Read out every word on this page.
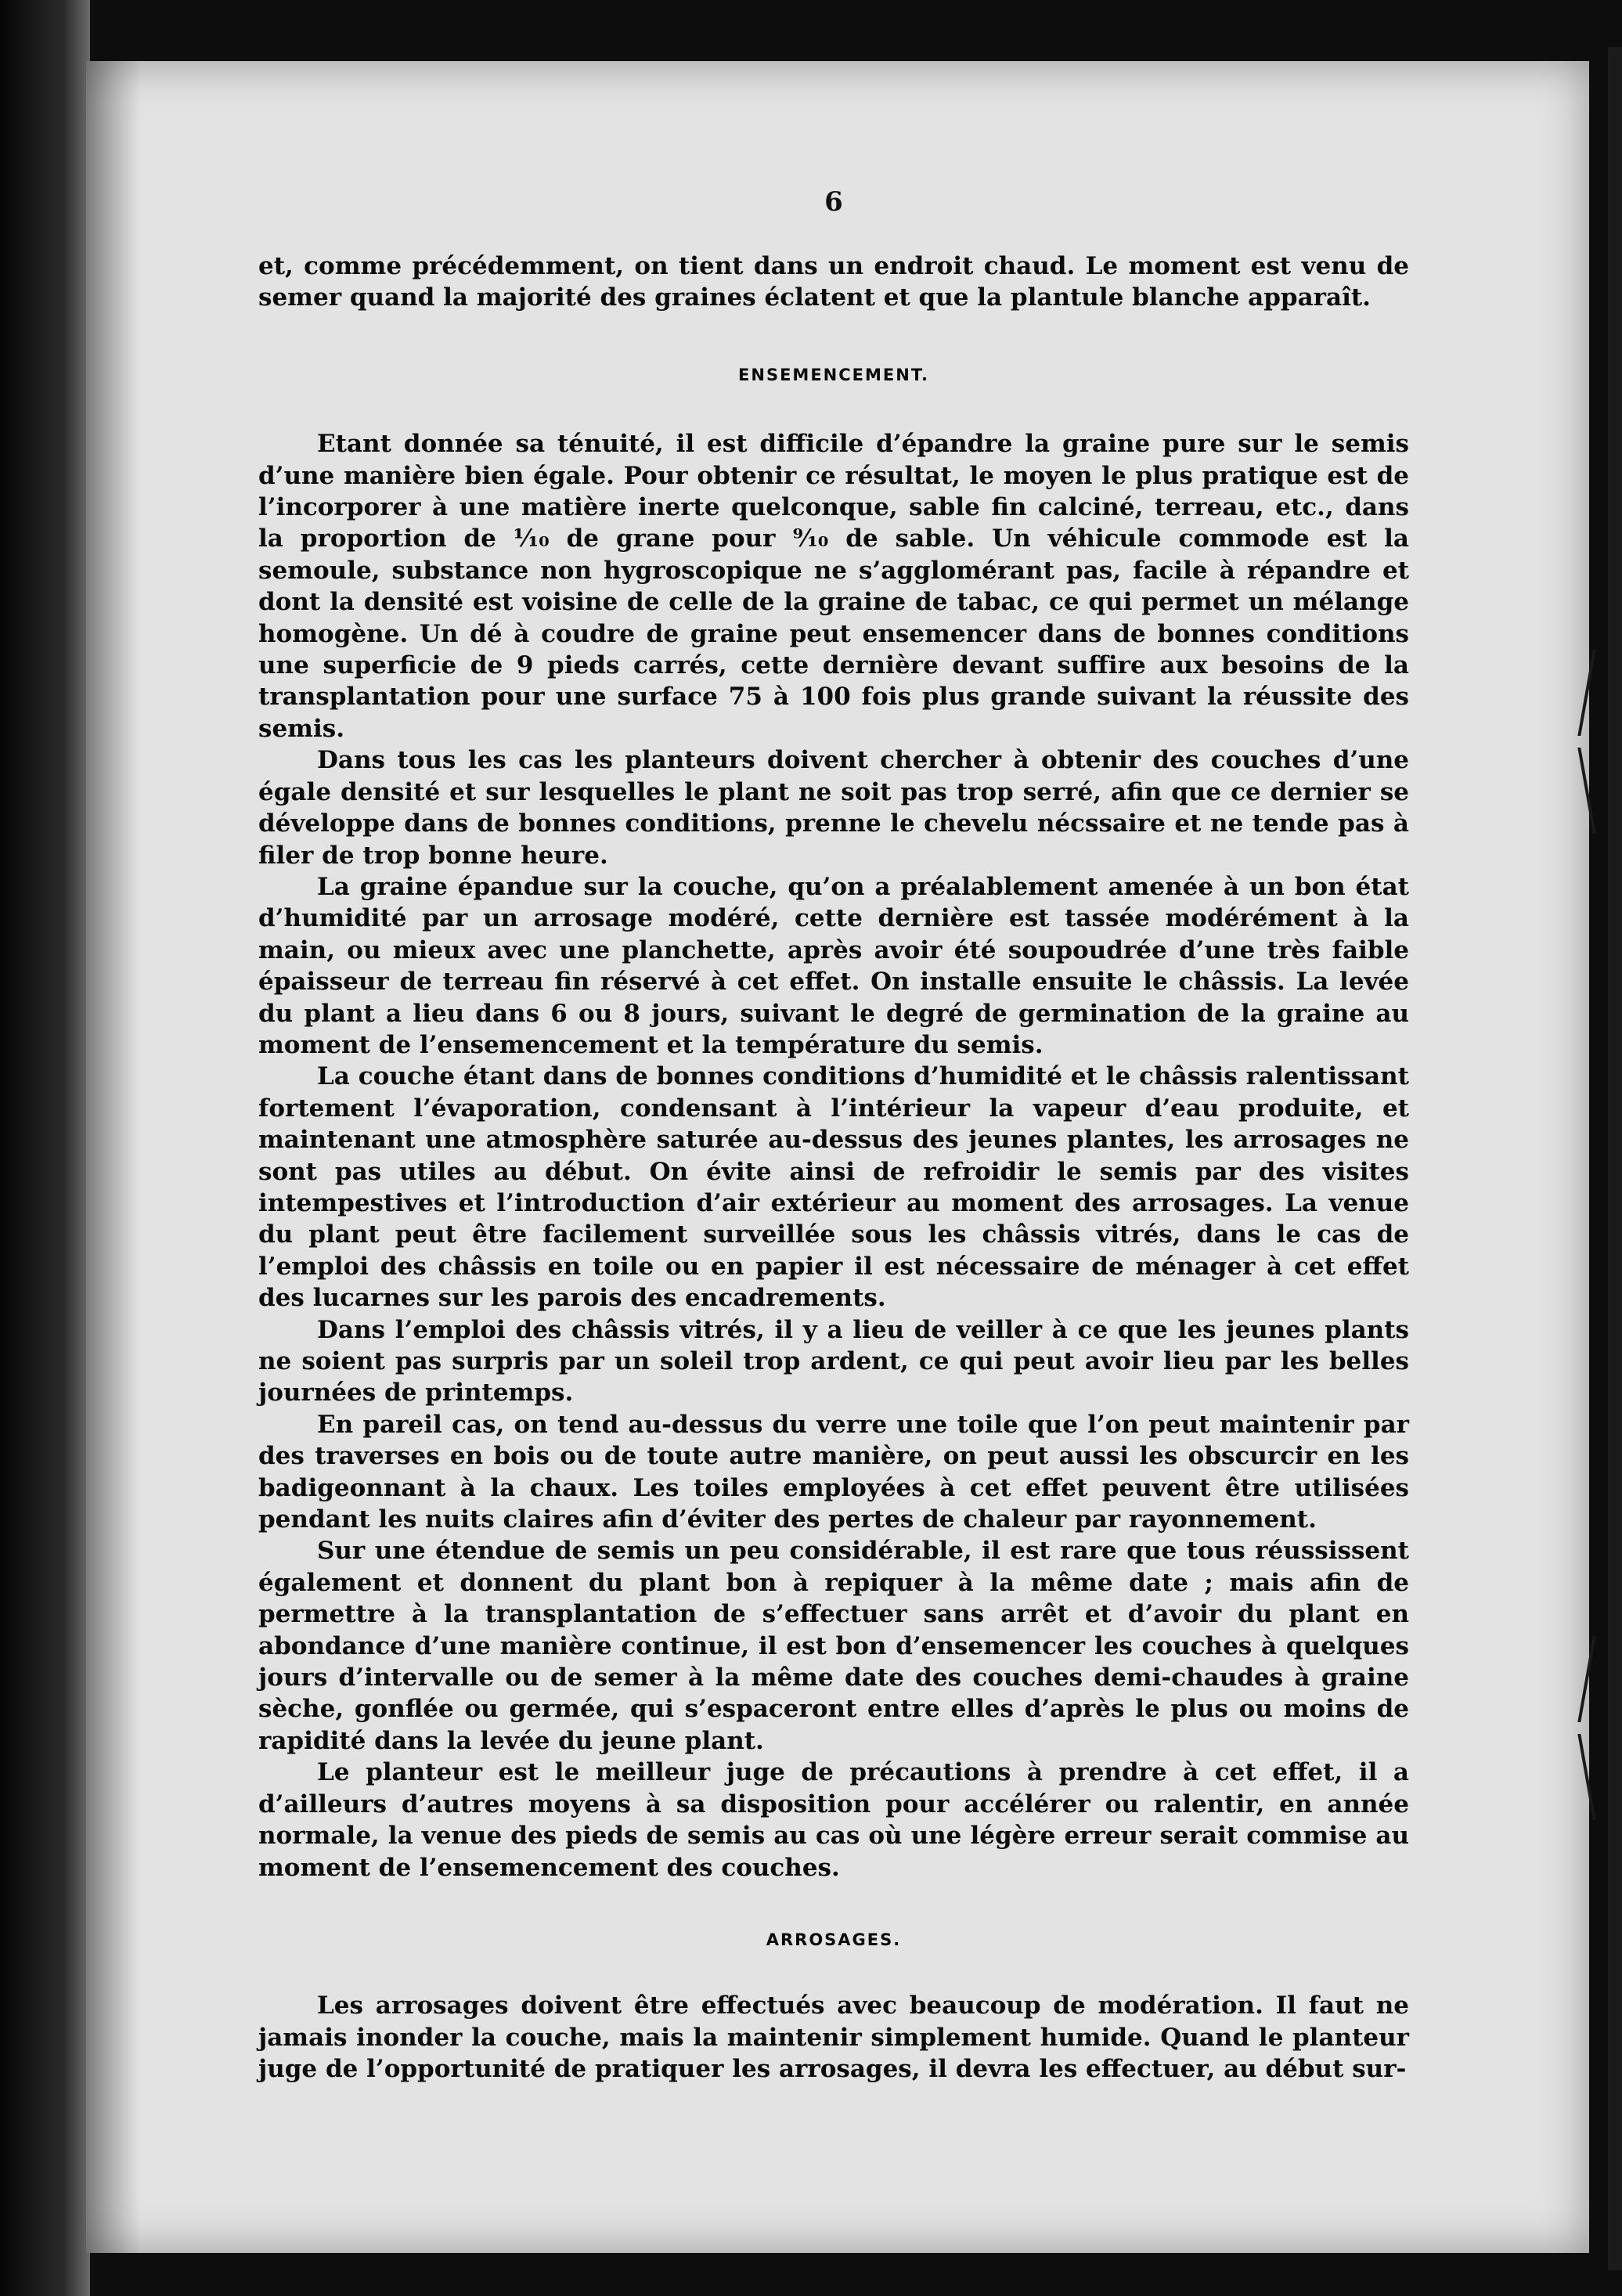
6

et, comme précédemment, on tient dans un endroit chaud. Le moment est venu de semer quand la majorité des graines éclatent et que la plantule blanche apparaît.

ENSEMENCEMENT.

Etant donnée sa ténuité, il est difficile d’épandre la graine pure sur le semis d’une manière bien égale. Pour obtenir ce résultat, le moyen le plus pratique est de l’incorporer à une matière inerte quelconque, sable fin calciné, terreau, etc., dans la proportion de ¹⁄₁₀ de grane pour ⁹⁄₁₀ de sable. Un véhicule commode est la semoule, substance non hygroscopique ne s’agglomérant pas, facile à répandre et dont la densité est voisine de celle de la graine de tabac, ce qui permet un mélange homogène. Un dé à coudre de graine peut ensemencer dans de bonnes conditions une superficie de 9 pieds carrés, cette dernière devant suffire aux besoins de la transplantation pour une surface 75 à 100 fois plus grande suivant la réussite des semis.

Dans tous les cas les planteurs doivent chercher à obtenir des couches d’une égale densité et sur lesquelles le plant ne soit pas trop serré, afin que ce dernier se développe dans de bonnes conditions, prenne le chevelu nécssaire et ne tende pas à filer de trop bonne heure.

La graine épandue sur la couche, qu’on a préalablement amenée à un bon état d’humidité par un arrosage modéré, cette dernière est tassée modérément à la main, ou mieux avec une planchette, après avoir été soupoudrée d’une très faible épaisseur de terreau fin réservé à cet effet. On installe ensuite le châssis. La levée du plant a lieu dans 6 ou 8 jours, suivant le degré de germination de la graine au moment de l’ensemencement et la température du semis.

La couche étant dans de bonnes conditions d’humidité et le châssis ralentissant fortement l’évaporation, condensant à l’intérieur la vapeur d’eau produite, et maintenant une atmosphère saturée au-dessus des jeunes plantes, les arrosages ne sont pas utiles au début. On évite ainsi de refroidir le semis par des visites intempestives et l’introduction d’air extérieur au moment des arrosages. La venue du plant peut être facilement surveillée sous les châssis vitrés, dans le cas de l’emploi des châssis en toile ou en papier il est nécessaire de ménager à cet effet des lucarnes sur les parois des encadrements.

Dans l’emploi des châssis vitrés, il y a lieu de veiller à ce que les jeunes plants ne soient pas surpris par un soleil trop ardent, ce qui peut avoir lieu par les belles journées de printemps.

En pareil cas, on tend au-dessus du verre une toile que l’on peut maintenir par des traverses en bois ou de toute autre manière, on peut aussi les obscurcir en les badigeonnant à la chaux. Les toiles employées à cet effet peuvent être utilisées pendant les nuits claires afin d’éviter des pertes de chaleur par rayonnement.

Sur une étendue de semis un peu considérable, il est rare que tous réussissent également et donnent du plant bon à repiquer à la même date ; mais afin de permettre à la transplantation de s’effectuer sans arrêt et d’avoir du plant en abondance d’une manière continue, il est bon d’ensemencer les couches à quelques jours d’intervalle ou de semer à la même date des couches demi-chaudes à graine sèche, gonflée ou germée, qui s’espaceront entre elles d’après le plus ou moins de rapidité dans la levée du jeune plant.

Le planteur est le meilleur juge de précautions à prendre à cet effet, il a d’ailleurs d’autres moyens à sa disposition pour accélérer ou ralentir, en année normale, la venue des pieds de semis au cas où une légère erreur serait commise au moment de l’ensemencement des couches.

ARROSAGES.

Les arrosages doivent être effectués avec beaucoup de modération. Il faut ne jamais inonder la couche, mais la maintenir simplement humide. Quand le planteur juge de l’opportunité de pratiquer les arrosages, il devra les effectuer, au début sur-
